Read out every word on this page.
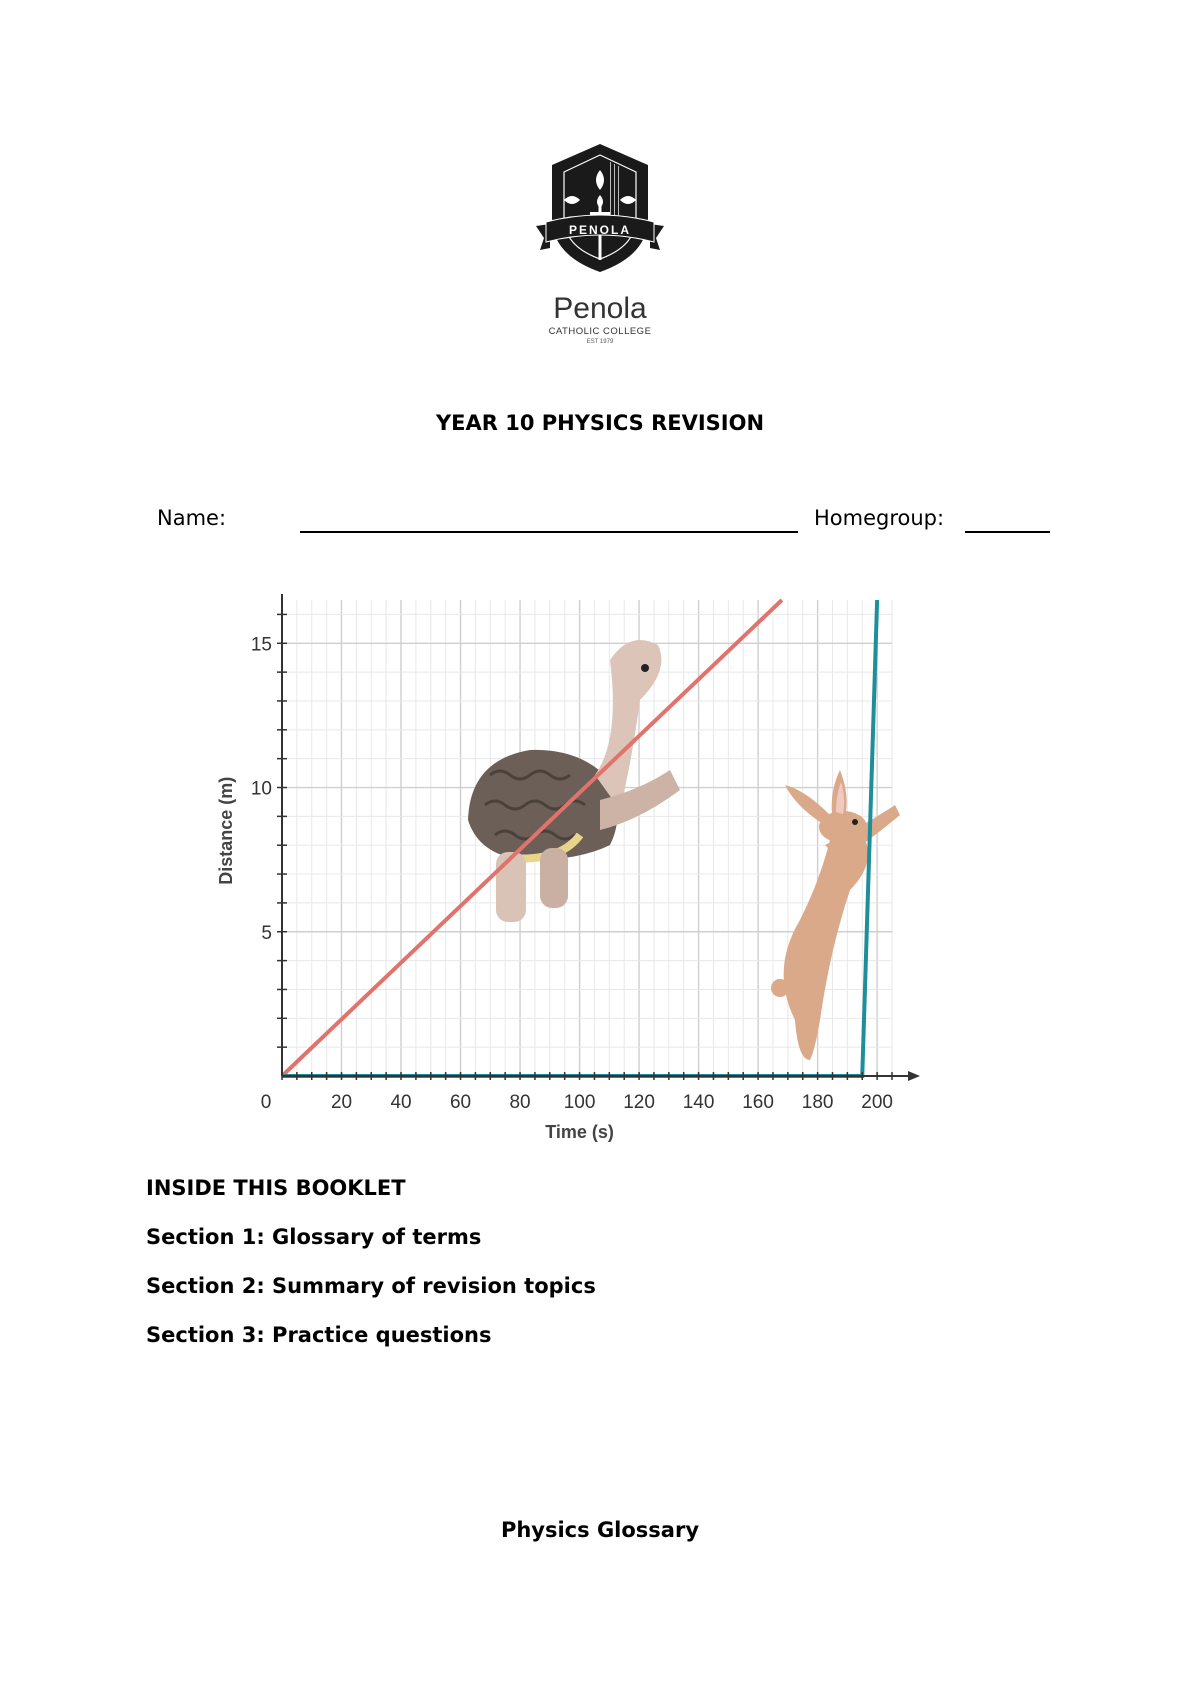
PENOLA
Penola
CATHOLIC COLLEGE
EST 1979
YEAR 10 PHYSICS REVISION
Name:	Homegroup:
0	20 40 60 80 100 120 140 160 180 200
5
10
15
Time (s)
Distance (m)
INSIDE THIS BOOKLET
Section 1: Glossary of terms
Section 2: Summary of revision topics
Section 3: Practice questions
Physics Glossary
